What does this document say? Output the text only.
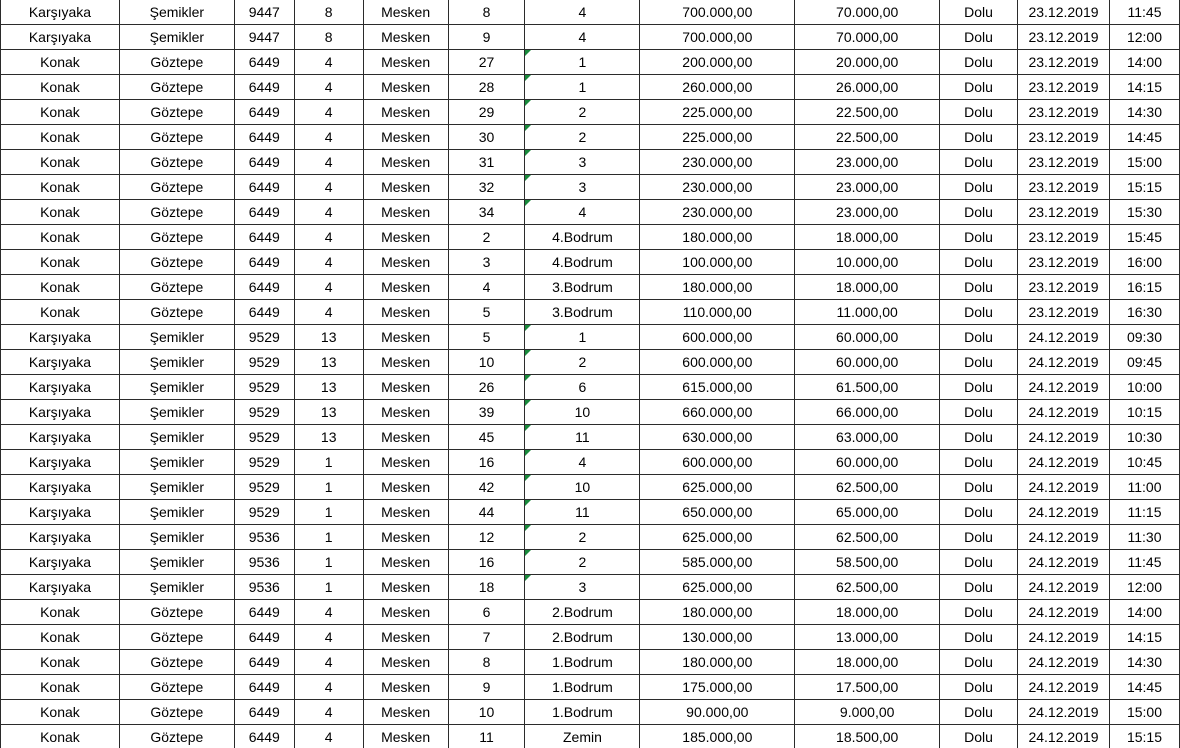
Karşıyaka	Şemikler	9447	8	Mesken	8	4	700.000,00	70.000,00	Dolu	23.12.2019	11:45
Karşıyaka	Şemikler	9447	8	Mesken	9	4	700.000,00	70.000,00	Dolu	23.12.2019	12:00
Konak	Göztepe	6449	4	Mesken	27	1	200.000,00	20.000,00	Dolu	23.12.2019	14:00
Konak	Göztepe	6449	4	Mesken	28	1	260.000,00	26.000,00	Dolu	23.12.2019	14:15
Konak	Göztepe	6449	4	Mesken	29	2	225.000,00	22.500,00	Dolu	23.12.2019	14:30
Konak	Göztepe	6449	4	Mesken	30	2	225.000,00	22.500,00	Dolu	23.12.2019	14:45
Konak	Göztepe	6449	4	Mesken	31	3	230.000,00	23.000,00	Dolu	23.12.2019	15:00
Konak	Göztepe	6449	4	Mesken	32	3	230.000,00	23.000,00	Dolu	23.12.2019	15:15
Konak	Göztepe	6449	4	Mesken	34	4	230.000,00	23.000,00	Dolu	23.12.2019	15:30
Konak	Göztepe	6449	4	Mesken	2	4.Bodrum	180.000,00	18.000,00	Dolu	23.12.2019	15:45
Konak	Göztepe	6449	4	Mesken	3	4.Bodrum	100.000,00	10.000,00	Dolu	23.12.2019	16:00
Konak	Göztepe	6449	4	Mesken	4	3.Bodrum	180.000,00	18.000,00	Dolu	23.12.2019	16:15
Konak	Göztepe	6449	4	Mesken	5	3.Bodrum	110.000,00	11.000,00	Dolu	23.12.2019	16:30
Karşıyaka	Şemikler	9529	13	Mesken	5	1	600.000,00	60.000,00	Dolu	24.12.2019	09:30
Karşıyaka	Şemikler	9529	13	Mesken	10	2	600.000,00	60.000,00	Dolu	24.12.2019	09:45
Karşıyaka	Şemikler	9529	13	Mesken	26	6	615.000,00	61.500,00	Dolu	24.12.2019	10:00
Karşıyaka	Şemikler	9529	13	Mesken	39	10	660.000,00	66.000,00	Dolu	24.12.2019	10:15
Karşıyaka	Şemikler	9529	13	Mesken	45	11	630.000,00	63.000,00	Dolu	24.12.2019	10:30
Karşıyaka	Şemikler	9529	1	Mesken	16	4	600.000,00	60.000,00	Dolu	24.12.2019	10:45
Karşıyaka	Şemikler	9529	1	Mesken	42	10	625.000,00	62.500,00	Dolu	24.12.2019	11:00
Karşıyaka	Şemikler	9529	1	Mesken	44	11	650.000,00	65.000,00	Dolu	24.12.2019	11:15
Karşıyaka	Şemikler	9536	1	Mesken	12	2	625.000,00	62.500,00	Dolu	24.12.2019	11:30
Karşıyaka	Şemikler	9536	1	Mesken	16	2	585.000,00	58.500,00	Dolu	24.12.2019	11:45
Karşıyaka	Şemikler	9536	1	Mesken	18	3	625.000,00	62.500,00	Dolu	24.12.2019	12:00
Konak	Göztepe	6449	4	Mesken	6	2.Bodrum	180.000,00	18.000,00	Dolu	24.12.2019	14:00
Konak	Göztepe	6449	4	Mesken	7	2.Bodrum	130.000,00	13.000,00	Dolu	24.12.2019	14:15
Konak	Göztepe	6449	4	Mesken	8	1.Bodrum	180.000,00	18.000,00	Dolu	24.12.2019	14:30
Konak	Göztepe	6449	4	Mesken	9	1.Bodrum	175.000,00	17.500,00	Dolu	24.12.2019	14:45
Konak	Göztepe	6449	4	Mesken	10	1.Bodrum	90.000,00	9.000,00	Dolu	24.12.2019	15:00
Konak	Göztepe	6449	4	Mesken	11	Zemin	185.000,00	18.500,00	Dolu	24.12.2019	15:15
